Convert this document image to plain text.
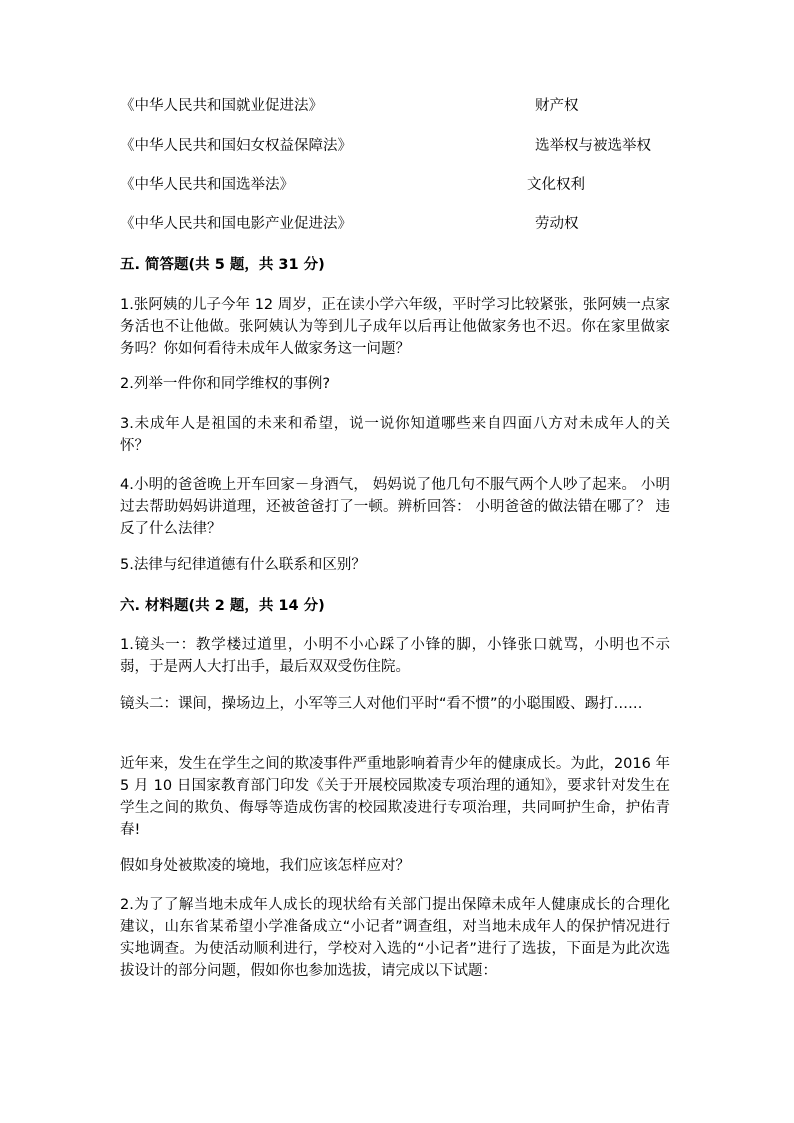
《中华人民共和国就业促进法》	财产权
《中华人民共和国妇女权益保障法》	选举权与被选举权
《中华人民共和国选举法》	文化权利
《中华人民共和国电影产业促进法》	劳动权
五. 简答题(共 5 题，共 31 分)
1.张阿姨的儿子今年 12 周岁，正在读小学六年级，平时学习比较紧张，张阿姨一点家务活也不让他做。张阿姨认为等到儿子成年以后再让他做家务也不迟。你在家里做家务吗？你如何看待未成年人做家务这一问题？
2.列举一件你和同学维权的事例?
3.未成年人是祖国的未来和希望，说一说你知道哪些来自四面八方对未成年人的关怀？
4.小明的爸爸晚上开车回家－身酒气， 妈妈说了他几句不服气两个人吵了起来。 小明过去帮助妈妈讲道理，还被爸爸打了一顿。辨析回答： 小明爸爸的做法错在哪了？ 违反了什么法律？
5.法律与纪律道德有什么联系和区别？
六. 材料题(共 2 题，共 14 分)
1.镜头一：教学楼过道里，小明不小心踩了小锋的脚，小锋张口就骂，小明也不示弱，于是两人大打出手，最后双双受伤住院。
镜头二：课间，操场边上，小军等三人对他们平时“看不惯”的小聪围殴、踢打……
近年来，发生在学生之间的欺凌事件严重地影响着青少年的健康成长。为此，2016 年 5 月 10 日国家教育部门印发《关于开展校园欺凌专项治理的通知》，要求针对发生在学生之间的欺负、侮辱等造成伤害的校园欺凌进行专项治理，共同呵护生命，护佑青春!
假如身处被欺凌的境地，我们应该怎样应对？
2.为了了解当地未成年人成长的现状给有关部门提出保障未成年人健康成长的合理化建议，山东省某希望小学准备成立“小记者”调查组，对当地未成年人的保护情况进行实地调查。为使活动顺利进行，学校对入选的“小记者”进行了选拔，下面是为此次选拔设计的部分问题，假如你也参加选拔，请完成以下试题：
